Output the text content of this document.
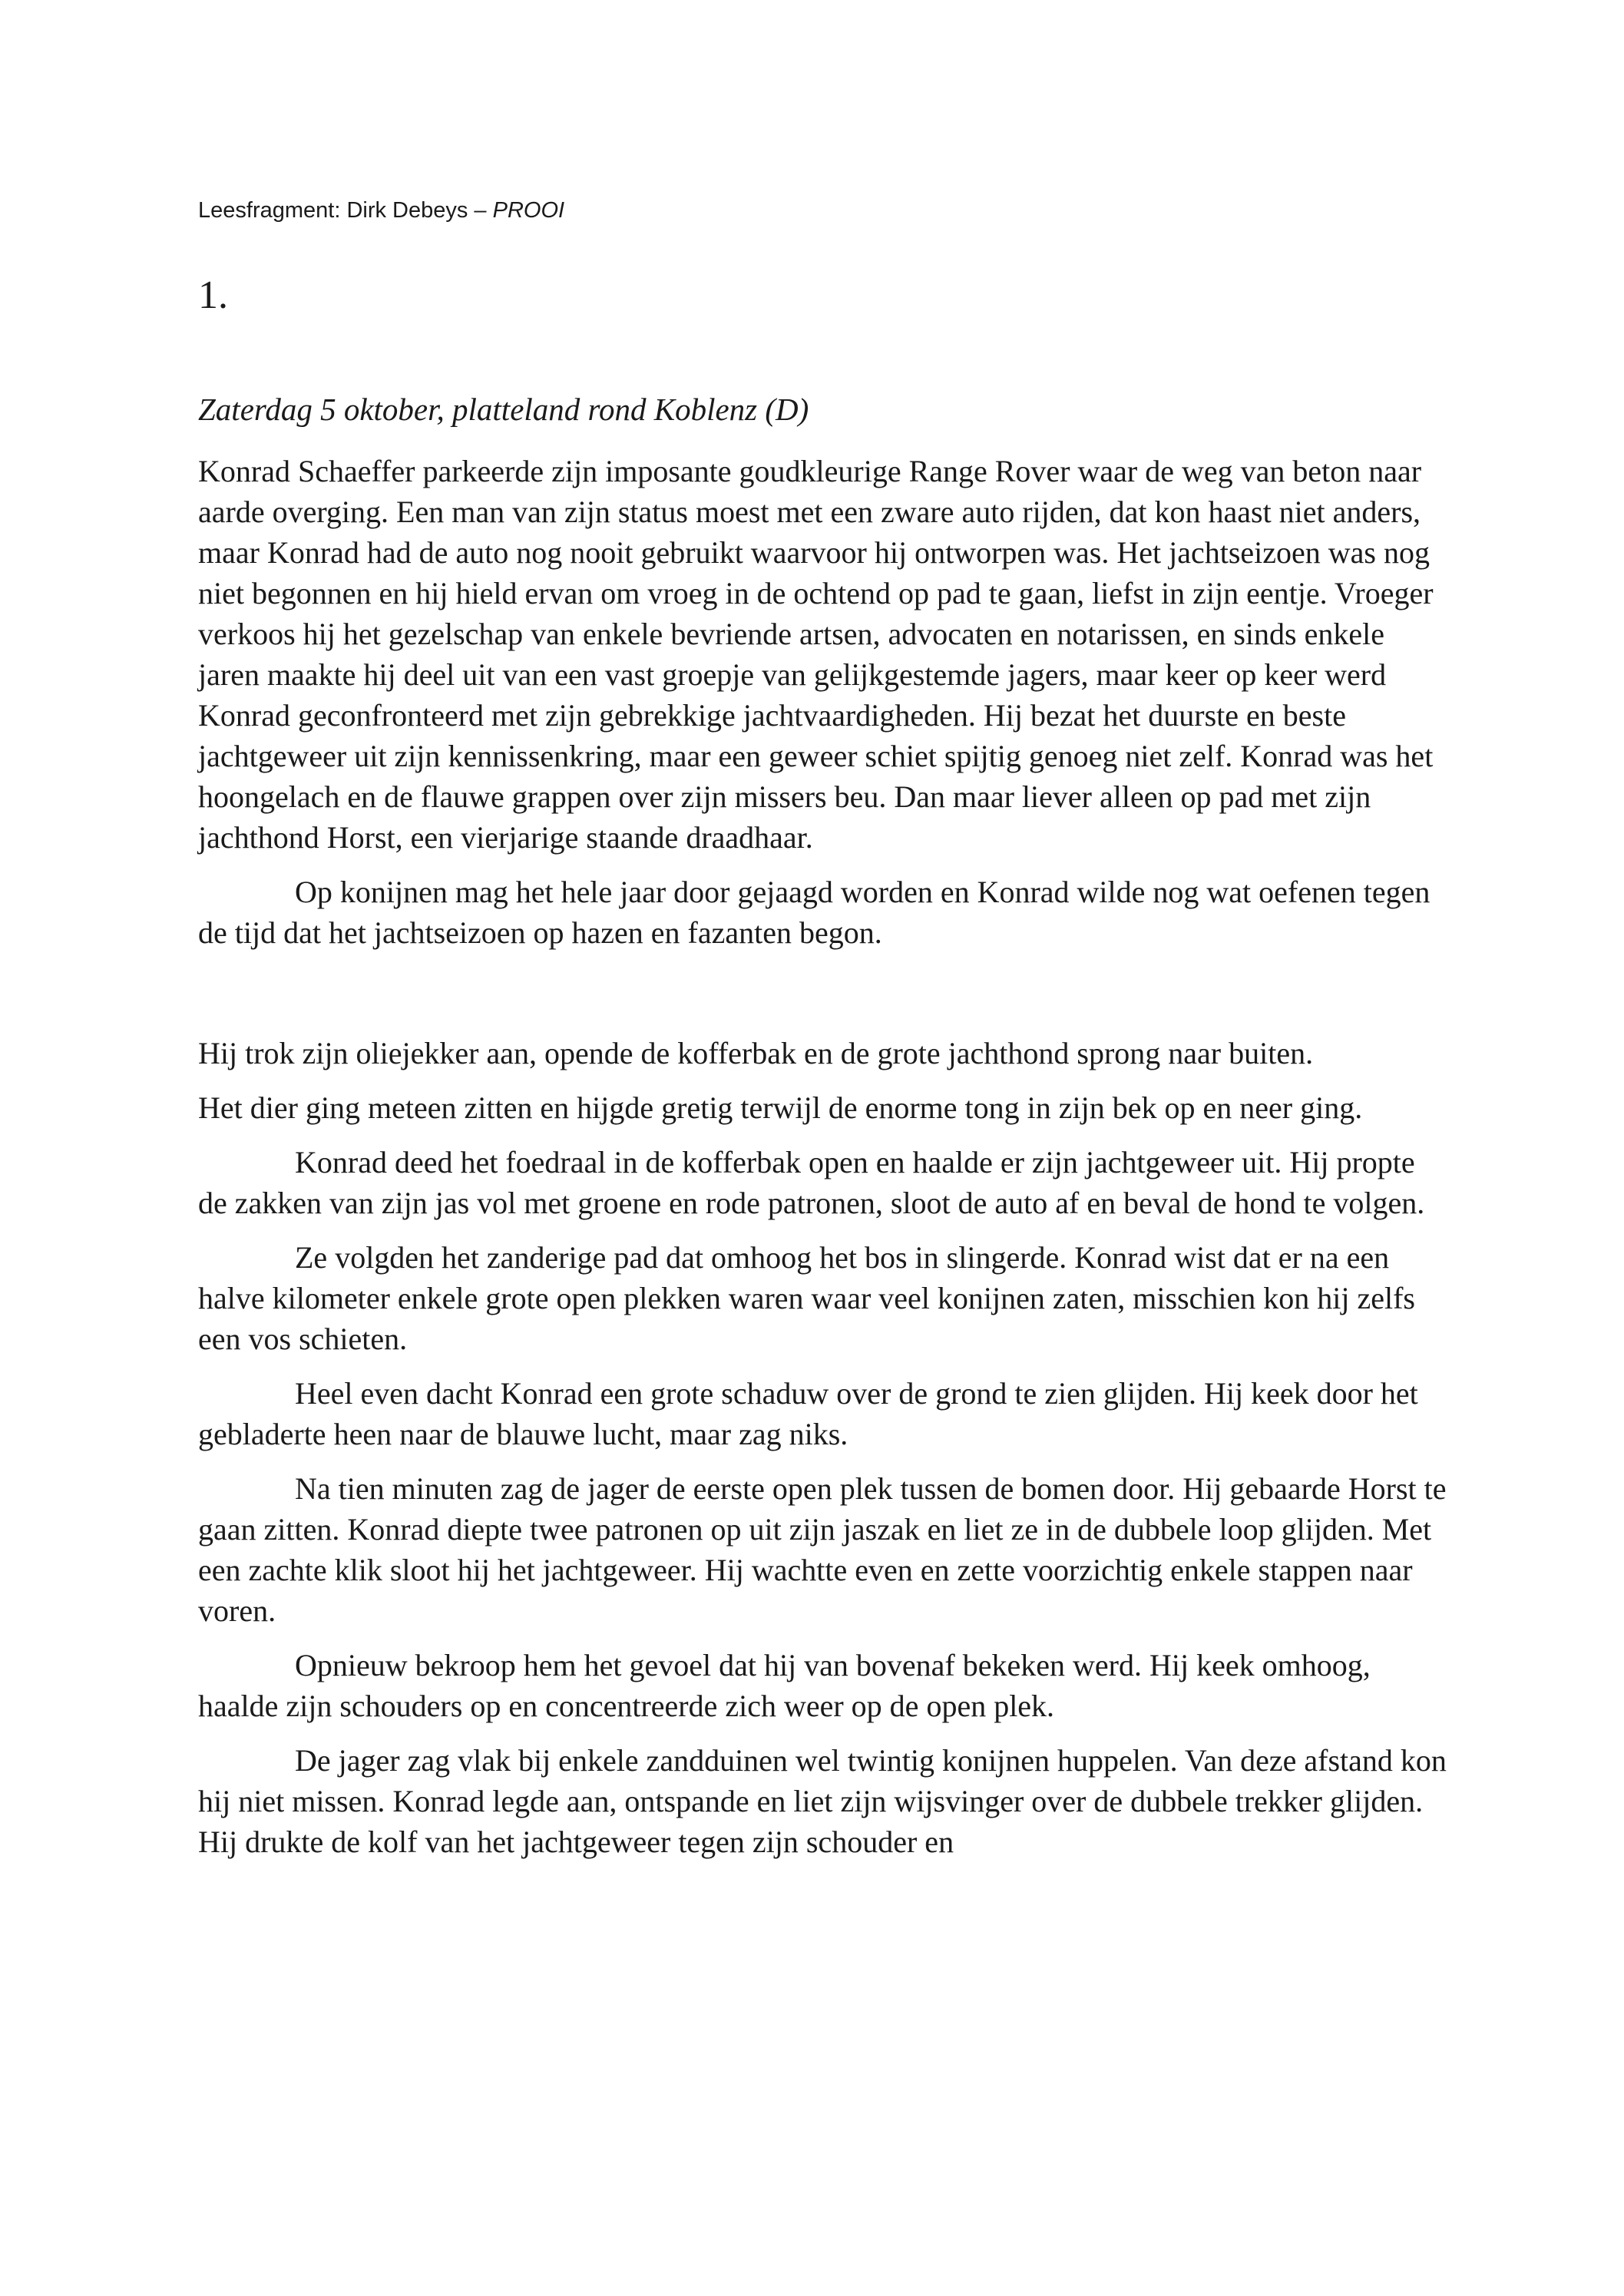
Leesfragment: Dirk Debeys – PROOI
1.
Zaterdag 5 oktober, platteland rond Koblenz (D)

Konrad Schaeffer parkeerde zijn imposante goudkleurige Range Rover waar de weg van beton naar aarde overging. Een man van zijn status moest met een zware auto rijden, dat kon haast niet anders, maar Konrad had de auto nog nooit gebruikt waarvoor hij ontworpen was. Het jachtseizoen was nog niet begonnen en hij hield ervan om vroeg in de ochtend op pad te gaan, liefst in zijn eentje. Vroeger verkoos hij het gezelschap van enkele bevriende artsen, advocaten en notarissen, en sinds enkele jaren maakte hij deel uit van een vast groepje van gelijkgestemde jagers, maar keer op keer werd Konrad geconfronteerd met zijn gebrekkige jachtvaardigheden. Hij bezat het duurste en beste jachtgeweer uit zijn kennissenkring, maar een geweer schiet spijtig genoeg niet zelf. Konrad was het hoongelach en de flauwe grappen over zijn missers beu. Dan maar liever alleen op pad met zijn jachthond Horst, een vierjarige staande draadhaar.

Op konijnen mag het hele jaar door gejaagd worden en Konrad wilde nog wat oefenen tegen de tijd dat het jachtseizoen op hazen en fazanten begon.

Hij trok zijn oliejekker aan, opende de kofferbak en de grote jachthond sprong naar buiten.

Het dier ging meteen zitten en hijgde gretig terwijl de enorme tong in zijn bek op en neer ging.

Konrad deed het foedraal in de kofferbak open en haalde er zijn jachtgeweer uit. Hij propte de zakken van zijn jas vol met groene en rode patronen, sloot de auto af en beval de hond te volgen.

Ze volgden het zanderige pad dat omhoog het bos in slingerde. Konrad wist dat er na een halve kilometer enkele grote open plekken waren waar veel konijnen zaten, misschien kon hij zelfs een vos schieten.

Heel even dacht Konrad een grote schaduw over de grond te zien glijden. Hij keek door het gebladerte heen naar de blauwe lucht, maar zag niks.

Na tien minuten zag de jager de eerste open plek tussen de bomen door. Hij gebaarde Horst te gaan zitten. Konrad diepte twee patronen op uit zijn jaszak en liet ze in de dubbele loop glijden. Met een zachte klik sloot hij het jachtgeweer. Hij wachtte even en zette voorzichtig enkele stappen naar voren.

Opnieuw bekroop hem het gevoel dat hij van bovenaf bekeken werd. Hij keek omhoog, haalde zijn schouders op en concentreerde zich weer op de open plek.

De jager zag vlak bij enkele zandduinen wel twintig konijnen huppelen. Van deze afstand kon hij niet missen. Konrad legde aan, ontspande en liet zijn wijsvinger over de dubbele trekker glijden. Hij drukte de kolf van het jachtgeweer tegen zijn schouder en
